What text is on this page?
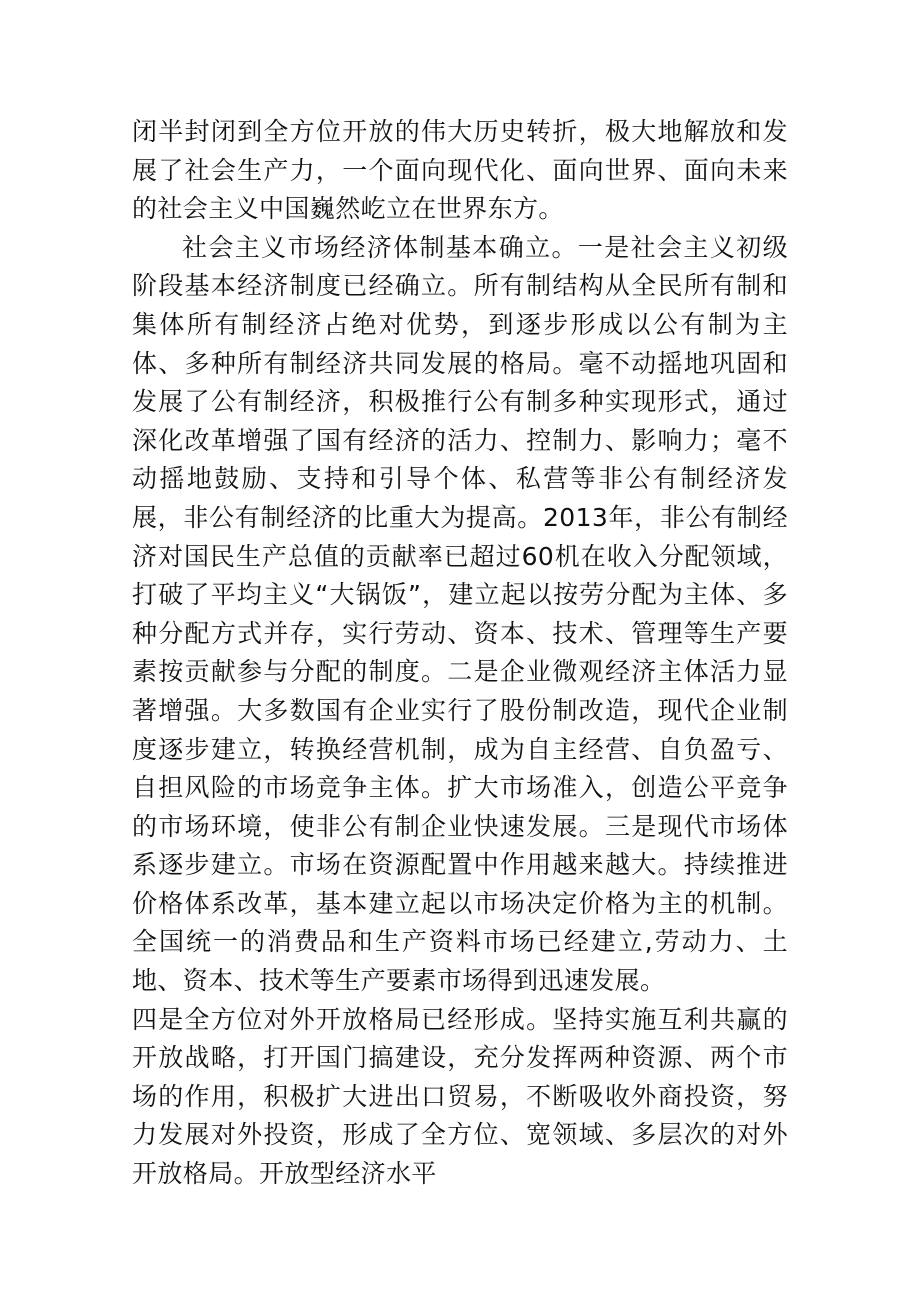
闭半封闭到全方位开放的伟大历史转折，极大地解放和发展了社会生产力，一个面向现代化、面向世界、面向未来的社会主义中国巍然屹立在世界东方。

社会主义市场经济体制基本确立。一是社会主义初级阶段基本经济制度已经确立。所有制结构从全民所有制和集体所有制经济占绝对优势，到逐步形成以公有制为主体、多种所有制经济共同发展的格局。毫不动摇地巩固和发展了公有制经济，积极推行公有制多种实现形式，通过深化改革增强了国有经济的活力、控制力、影响力；毫不动摇地鼓励、支持和引导个体、私营等非公有制经济发展，非公有制经济的比重大为提高。2013年，非公有制经济对国民生产总值的贡献率已超过60机在收入分配领域，打破了平均主义“大锅饭”，建立起以按劳分配为主体、多种分配方式并存，实行劳动、资本、技术、管理等生产要素按贡献参与分配的制度。二是企业微观经济主体活力显著增强。大多数国有企业实行了股份制改造，现代企业制度逐步建立，转换经营机制，成为自主经营、自负盈亏、自担风险的市场竞争主体。扩大市场准入，创造公平竞争的市场环境，使非公有制企业快速发展。三是现代市场体系逐步建立。市场在资源配置中作用越来越大。持续推进价格体系改革，基本建立起以市场决定价格为主的机制。全国统一的消费品和生产资料市场已经建立,劳动力、土地、资本、技术等生产要素市场得到迅速发展。

四是全方位对外开放格局已经形成。坚持实施互利共赢的开放战略，打开国门搞建设，充分发挥两种资源、两个市场的作用，积极扩大进出口贸易，不断吸收外商投资，努力发展对外投资，形成了全方位、宽领域、多层次的对外开放格局。开放型经济水平
